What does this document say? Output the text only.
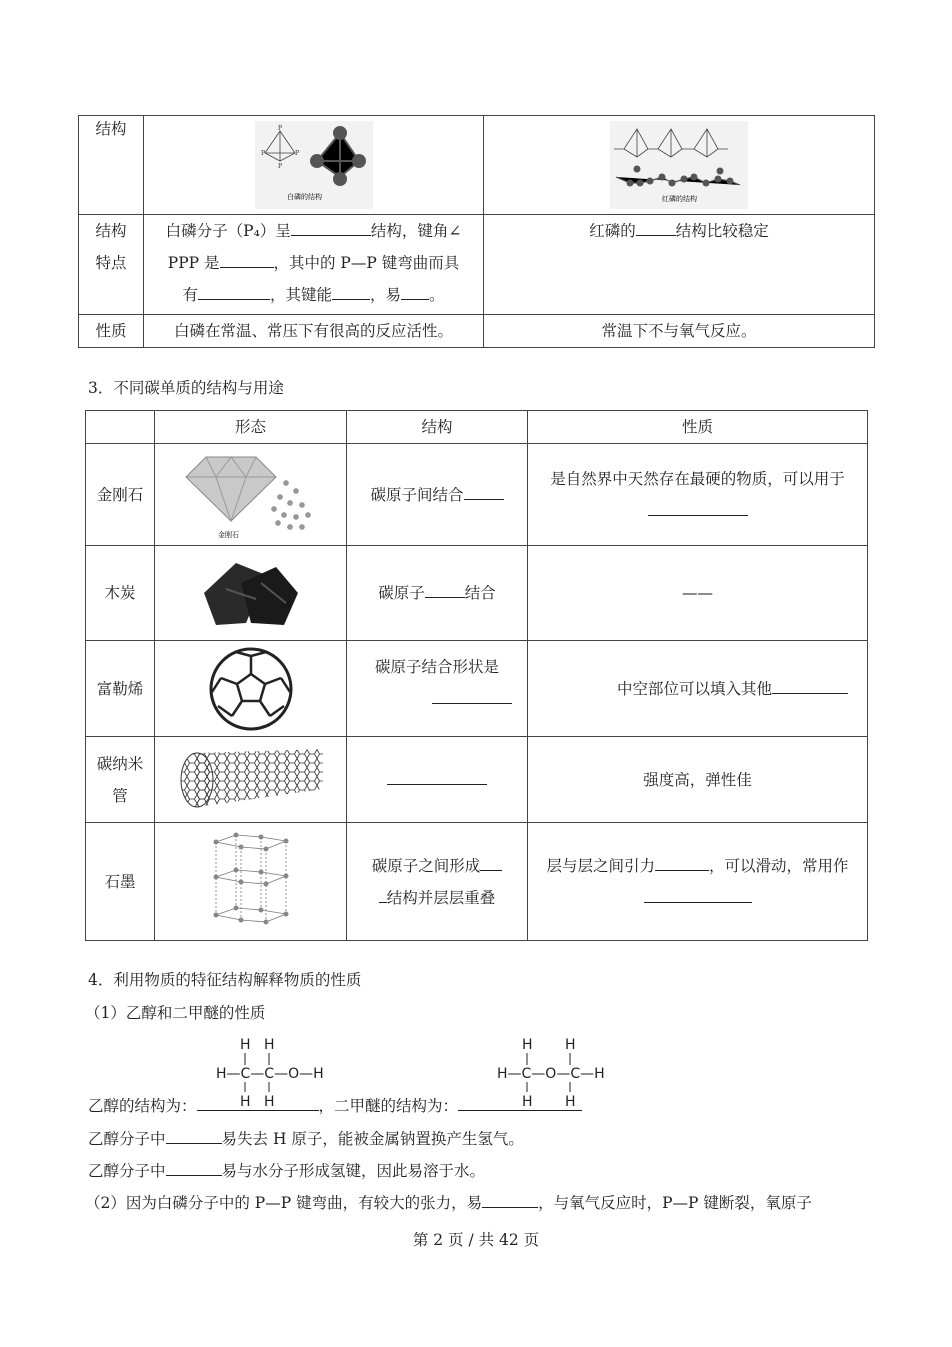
结构	P
P P
P
白磷的结构	红磷的结构

结构
特点	白磷分子（P₄）呈 结构，键角∠
PPP 是 ，其中的 P—P 键弯曲而具
有 ，其键能 ，易 。	红磷的 结构比较稳定
性质	白磷在常温、常压下有很高的反应活性。	常温下不与氧气反应。
3．不同碳单质的结构与用途
	形态	结构	性质
金刚石	金刚石	碳原子间结合	是自然界中天然存在最硬的物质，可以用于

木炭		碳原子 结合	——
富勒烯		碳原子结合形状是	中空部位可以填入其他
碳纳米
管			强度高，弹性佳
石墨		碳原子之间形成
结构并层层重叠	层与层之间引力 ，可以滑动，常用作

4．利用物质的特征结构解释物质的性质
（1）乙醇和二甲醚的性质
H H
H—C—C—O—H
H H
H H
H—C—O—C—H
H H
乙醇的结构为：	，二甲醚的结构为：
乙醇分子中	易失去 H 原子，能被金属钠置换产生氢气。
乙醇分子中	易与水分子形成氢键，因此易溶于水。
（2）因为白磷分子中的 P—P 键弯曲，有较大的张力，易	，与氧气反应时，P—P 键断裂，氧原子
第 2 页 / 共 42 页
